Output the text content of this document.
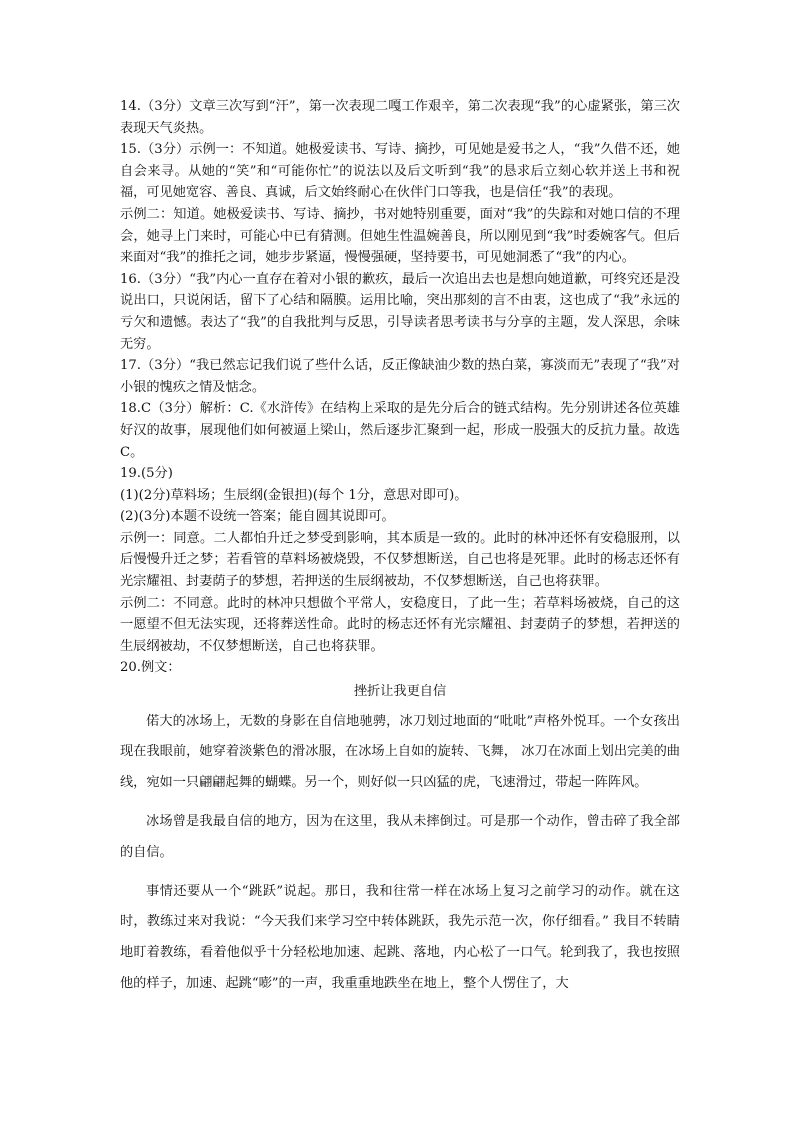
14.（3分）文章三次写到“汗”，第一次表现二嘎工作艰辛，第二次表现“我”的心虚紧张，第三次表现天气炎热。

15.（3分）示例一：不知道。她极爱读书、写诗、摘抄，可见她是爱书之人，“我”久借不还，她自会来寻。从她的“笑”和“可能你忙”的说法以及后文听到“我”的恳求后立刻心软并送上书和祝福，可见她宽容、善良、真诚，后文始终耐心在伙伴门口等我，也是信任“我”的表现。

示例二：知道。她极爱读书、写诗、摘抄，书对她特别重要，面对“我”的失踪和对她口信的不理会，她寻上门来时，可能心中已有猜测。但她生性温婉善良，所以刚见到“我”时委婉客气。但后来面对“我”的推托之词，她步步紧逼，慢慢强硬，坚持要书，可见她洞悉了“我”的内心。

16.（3分）“我”内心一直存在着对小银的歉疚，最后一次追出去也是想向她道歉，可终究还是没说出口，只说闲话，留下了心结和隔膜。运用比喻，突出那刻的言不由衷，这也成了“我”永远的亏欠和遗憾。表达了“我”的自我批判与反思，引导读者思考读书与分享的主题，发人深思，余味无穷。

17.（3分）“我已然忘记我们说了些什么话，反正像缺油少数的热白菜，寡淡而无”表现了“我”对小银的愧疚之情及惦念。

18.C（3分）解析：C.《水浒传》在结构上采取的是先分后合的链式结构。先分别讲述各位英雄好汉的故事，展现他们如何被逼上梁山，然后逐步汇聚到一起，形成一股强大的反抗力量。故选 C。

19.(5分)

(1)(2分)草料场；生辰纲(金银担)(每个 1分，意思对即可)。

(2)(3分)本题不设统一答案；能自圆其说即可。

示例一：同意。二人都怕升迁之梦受到影响，其本质是一致的。此时的林冲还怀有安稳服刑，以后慢慢升迁之梦；若看管的草料场被烧毁，不仅梦想断送，自己也将是死罪。此时的杨志还怀有光宗耀祖、封妻荫子的梦想，若押送的生辰纲被劫，不仅梦想断送，自己也将获罪。

示例二：不同意。此时的林冲只想做个平常人，安稳度日，了此一生；若草料场被烧，自己的这一愿望不但无法实现，还将葬送性命。此时的杨志还怀有光宗耀祖、封妻荫子的梦想，若押送的生辰纲被劫，不仅梦想断送，自己也将获罪。

20.例文：

挫折让我更自信

偌大的冰场上，无数的身影在自信地驰骋，冰刀划过地面的“吡吡”声格外悦耳。一个女孩出现在我眼前，她穿着淡紫色的滑冰服，在冰场上自如的旋转、飞舞， 冰刀在冰面上划出完美的曲线，宛如一只翩翩起舞的蝴蝶。另一个，则好似一只凶猛的虎，飞速滑过，带起一阵阵风。

冰场曾是我最自信的地方，因为在这里，我从未摔倒过。可是那一个动作，曾击碎了我全部的自信。

事情还要从一个“跳跃”说起。那日，我和往常一样在冰场上复习之前学习的动作。就在这时，教练过来对我说：“今天我们来学习空中转体跳跃，我先示范一次，你仔细看。” 我目不转睛地盯着教练，看着他似乎十分轻松地加速、起跳、落地，内心松了一口气。轮到我了，我也按照他的样子，加速、起跳“嘭”的一声，我重重地跌坐在地上，整个人愣住了，大
